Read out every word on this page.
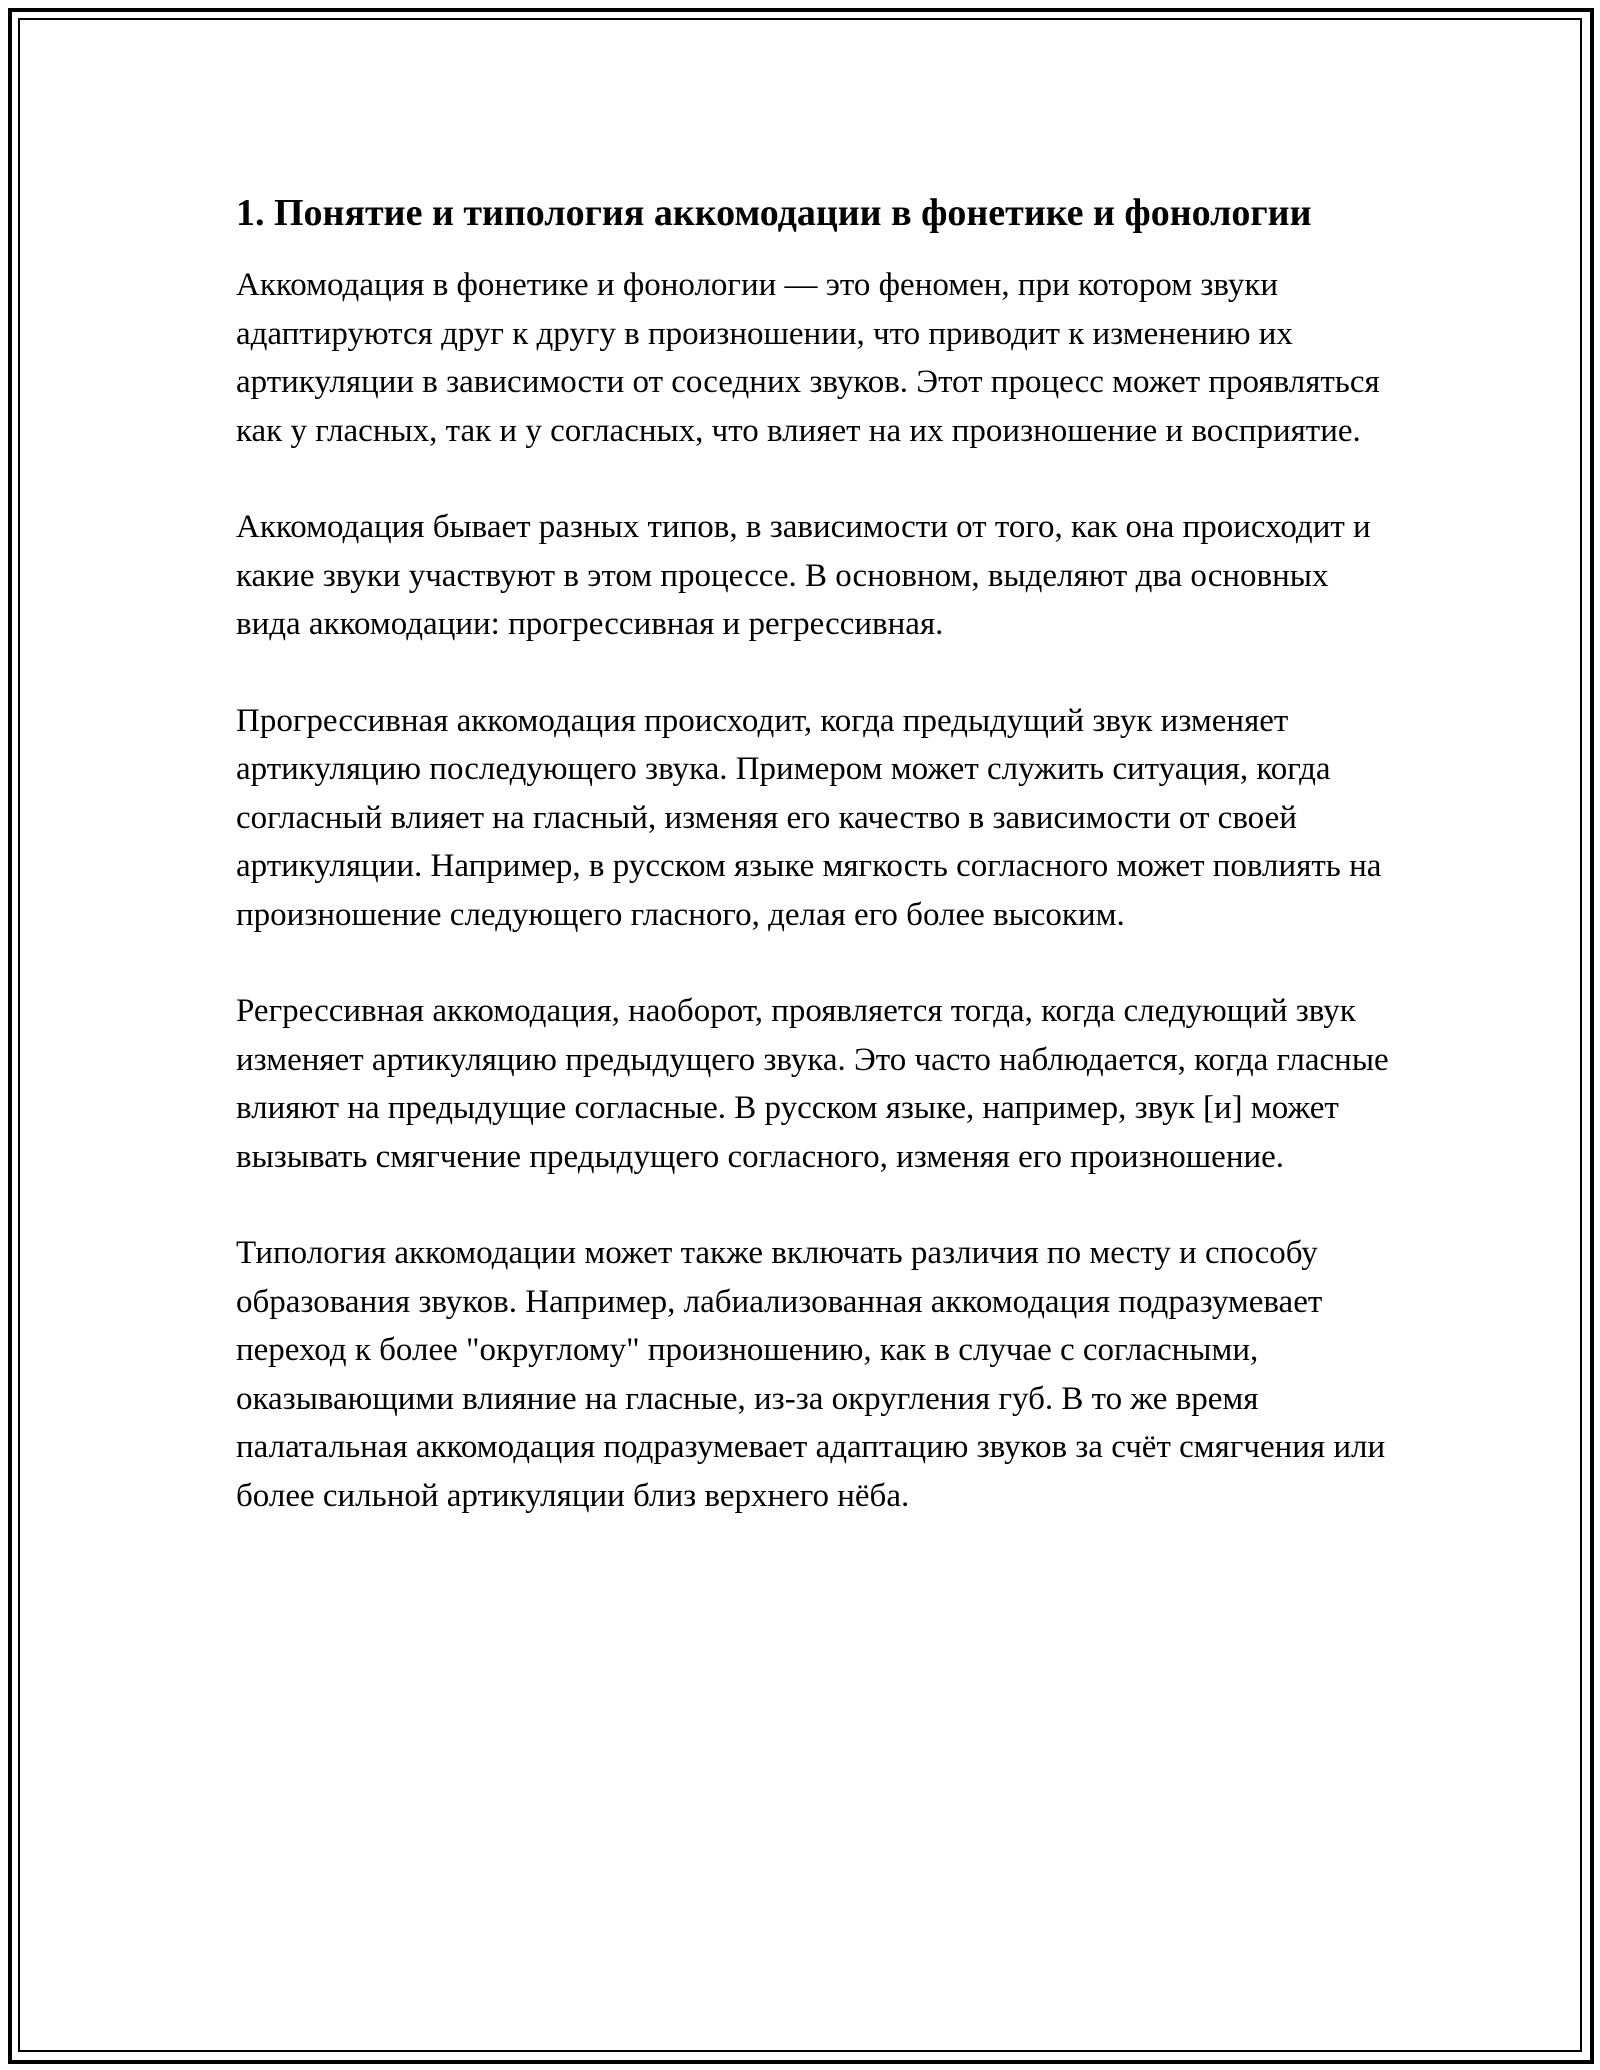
1. Понятие и типология аккомодации в фонетике и фонологии

Аккомодация в фонетике и фонологии — это феномен, при котором звуки адаптируются друг к другу в произношении, что приводит к изменению их артикуляции в зависимости от соседних звуков. Этот процесс может проявляться как у гласных, так и у согласных, что влияет на их произношение и восприятие.

Аккомодация бывает разных типов, в зависимости от того, как она происходит и какие звуки участвуют в этом процессе. В основном, выделяют два основных вида аккомодации: прогрессивная и регрессивная.

Прогрессивная аккомодация происходит, когда предыдущий звук изменяет артикуляцию последующего звука. Примером может служить ситуация, когда согласный влияет на гласный, изменяя его качество в зависимости от своей артикуляции. Например, в русском языке мягкость согласного может повлиять на произношение следующего гласного, делая его более высоким.

Регрессивная аккомодация, наоборот, проявляется тогда, когда следующий звук изменяет артикуляцию предыдущего звука. Это часто наблюдается, когда гласные влияют на предыдущие согласные. В русском языке, например, звук [и] может вызывать смягчение предыдущего согласного, изменяя его произношение.

Типология аккомодации может также включать различия по месту и способу образования звуков. Например, лабиализованная аккомодация подразумевает переход к более "округлому" произношению, как в случае с согласными, оказывающими влияние на гласные, из-за округления губ. В то же время палатальная аккомодация подразумевает адаптацию звуков за счёт смягчения или более сильной артикуляции близ верхнего нёба.
